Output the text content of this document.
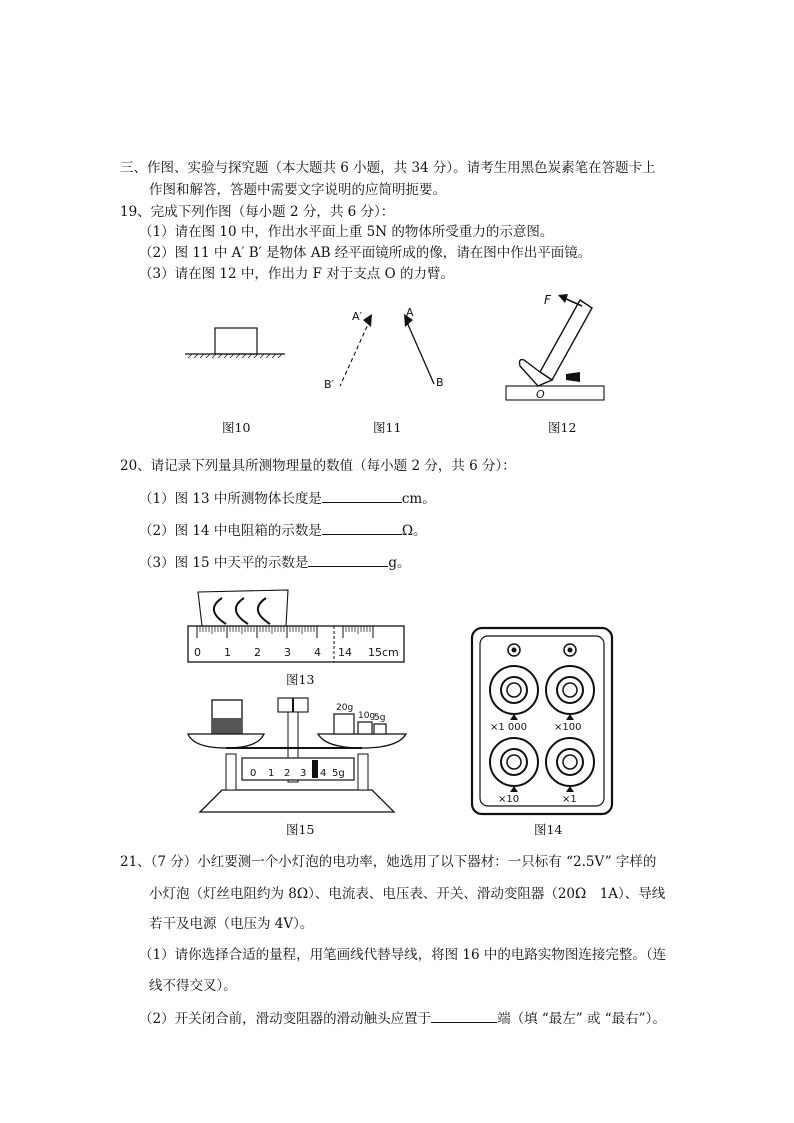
三、作图、实验与探究题（本大题共 6 小题，共 34 分）。请考生用黑色炭素笔在答题卡上
作图和解答，答题中需要文字说明的应简明扼要。
19、完成下列作图（每小题 2 分，共 6 分）：
（1）请在图 10 中，作出水平面上重 5N 的物体所受重力的示意图。
（2）图 11 中 A′ B′ 是物体 AB 经平面镜所成的像，请在图中作出平面镜。
（3）请在图 12 中，作出力 F 对于支点 O 的力臂。
图10
A′
B′
A
B
图11
F
O
图12
20、请记录下列量具所测物理量的数值（每小题 2 分，共 6 分）：
（1）图 13 中所测物体长度是	cm。
（2）图 14 中电阻箱的示数是	Ω。
（3）图 15 中天平的示数是	g。
0 1 2 3 4 14 15cm
图13
×1 000	×100
×10	×1
图14
20g
10g
5g
0 1 2 3 4 5g
图15
21、（7 分）小红要测一个小灯泡的电功率，她选用了以下器材：一只标有 “2.5V” 字样的
小灯泡（灯丝电阻约为 8Ω）、电流表、电压表、开关、滑动变阻器（20Ω　1A）、导线
若干及电源（电压为 4V）。
（1）请你选择合适的量程，用笔画线代替导线，将图 16 中的电路实物图连接完整。（连
线不得交叉）。
（2）开关闭合前，滑动变阻器的滑动触头应置于	端（填 “最左” 或 “最右”）。
